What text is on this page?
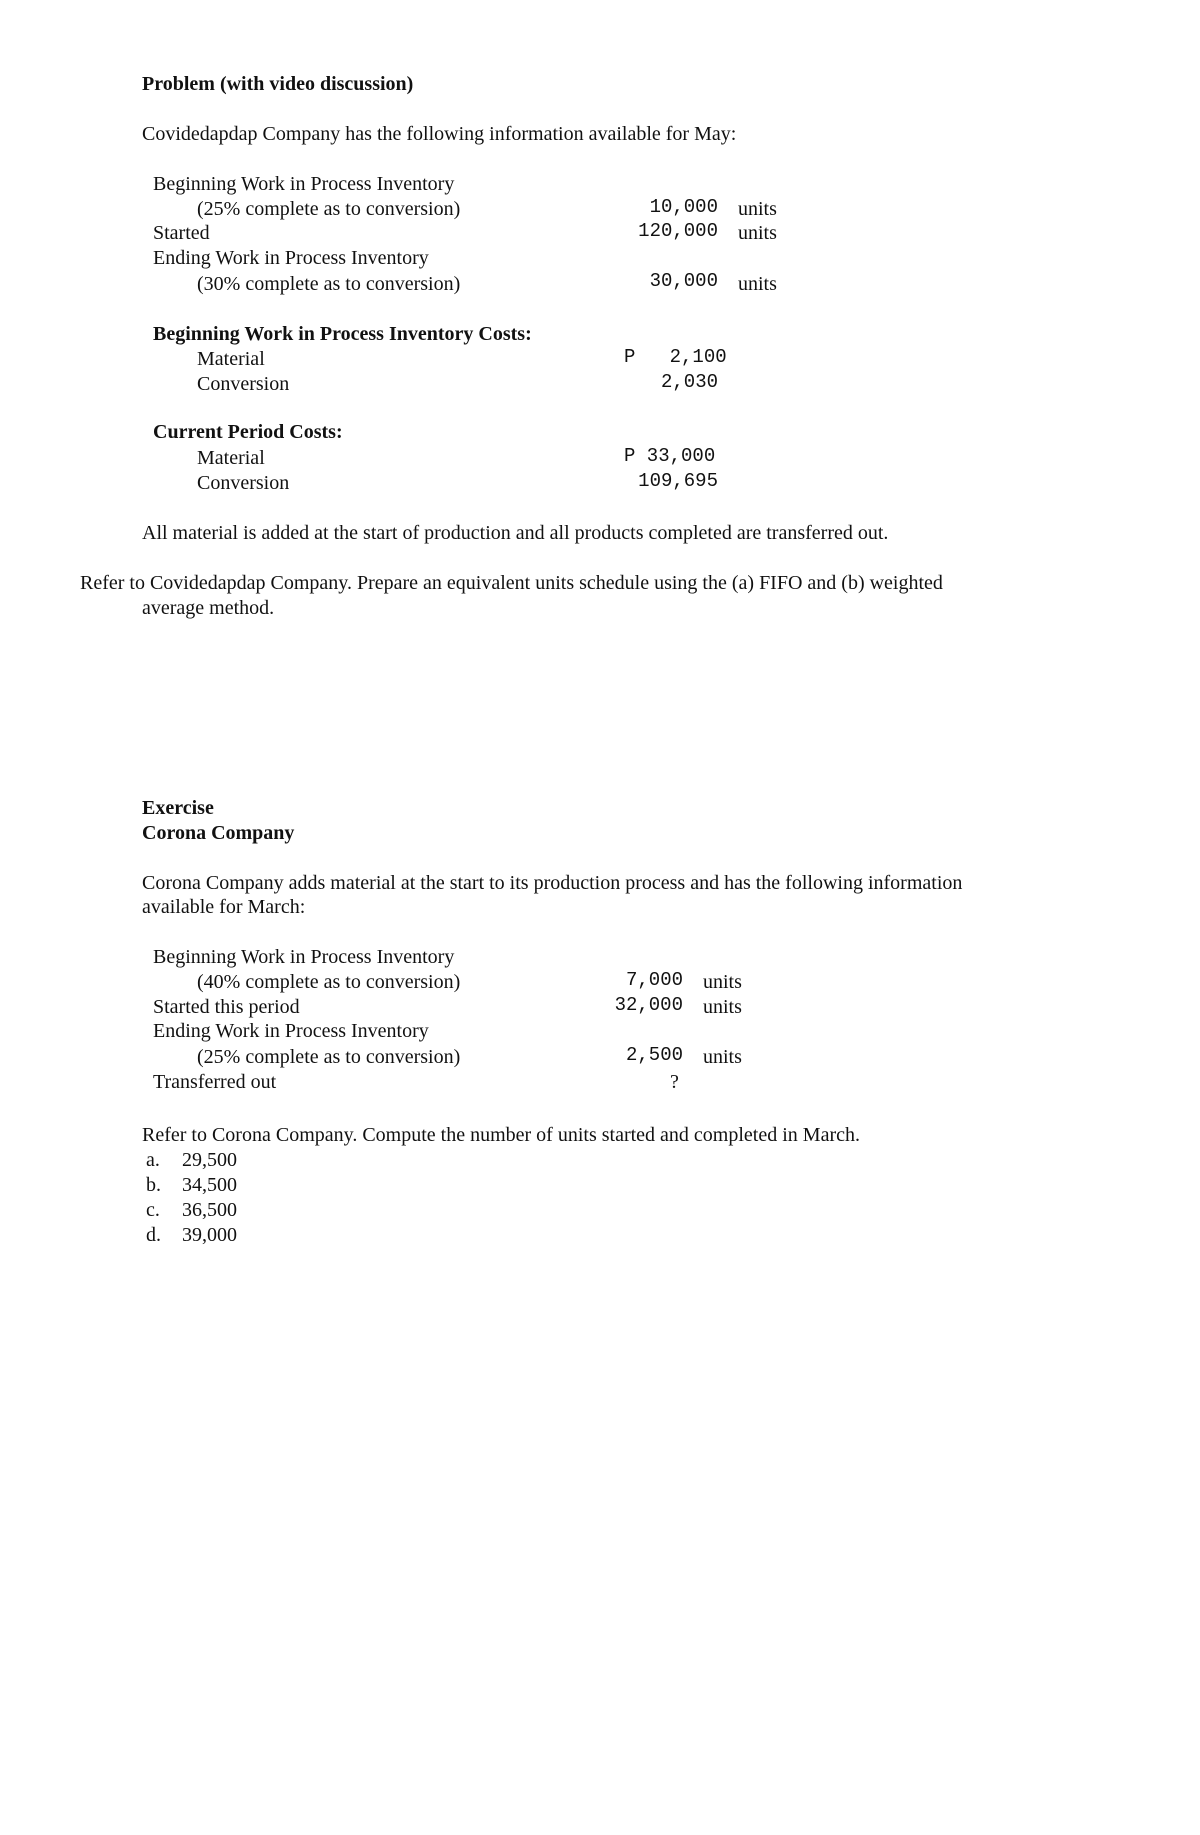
Problem (with video discussion)
Covidedapdap Company has the following information available for May:
Beginning Work in Process Inventory
(25% complete as to conversion)	10,000 units
Started	120,000 units
Ending Work in Process Inventory
(30% complete as to conversion)	30,000 units
Beginning Work in Process Inventory Costs:
Material	P   2,100
Conversion	2,030
Current Period Costs:
Material	P 33,000
Conversion	109,695
All material is added at the start of production and all products completed are transferred out.
Refer to Covidedapdap Company. Prepare an equivalent units schedule using the (a) FIFO and (b) weighted
average method.
Exercise
Corona Company
Corona Company adds material at the start to its production process and has the following information
available for March:
Beginning Work in Process Inventory
(40% complete as to conversion)	7,000 units
Started this period	32,000 units
Ending Work in Process Inventory
(25% complete as to conversion)	2,500 units
Transferred out	?
Refer to Corona Company. Compute the number of units started and completed in March.
a. 29,500
b. 34,500
c. 36,500
d. 39,000
